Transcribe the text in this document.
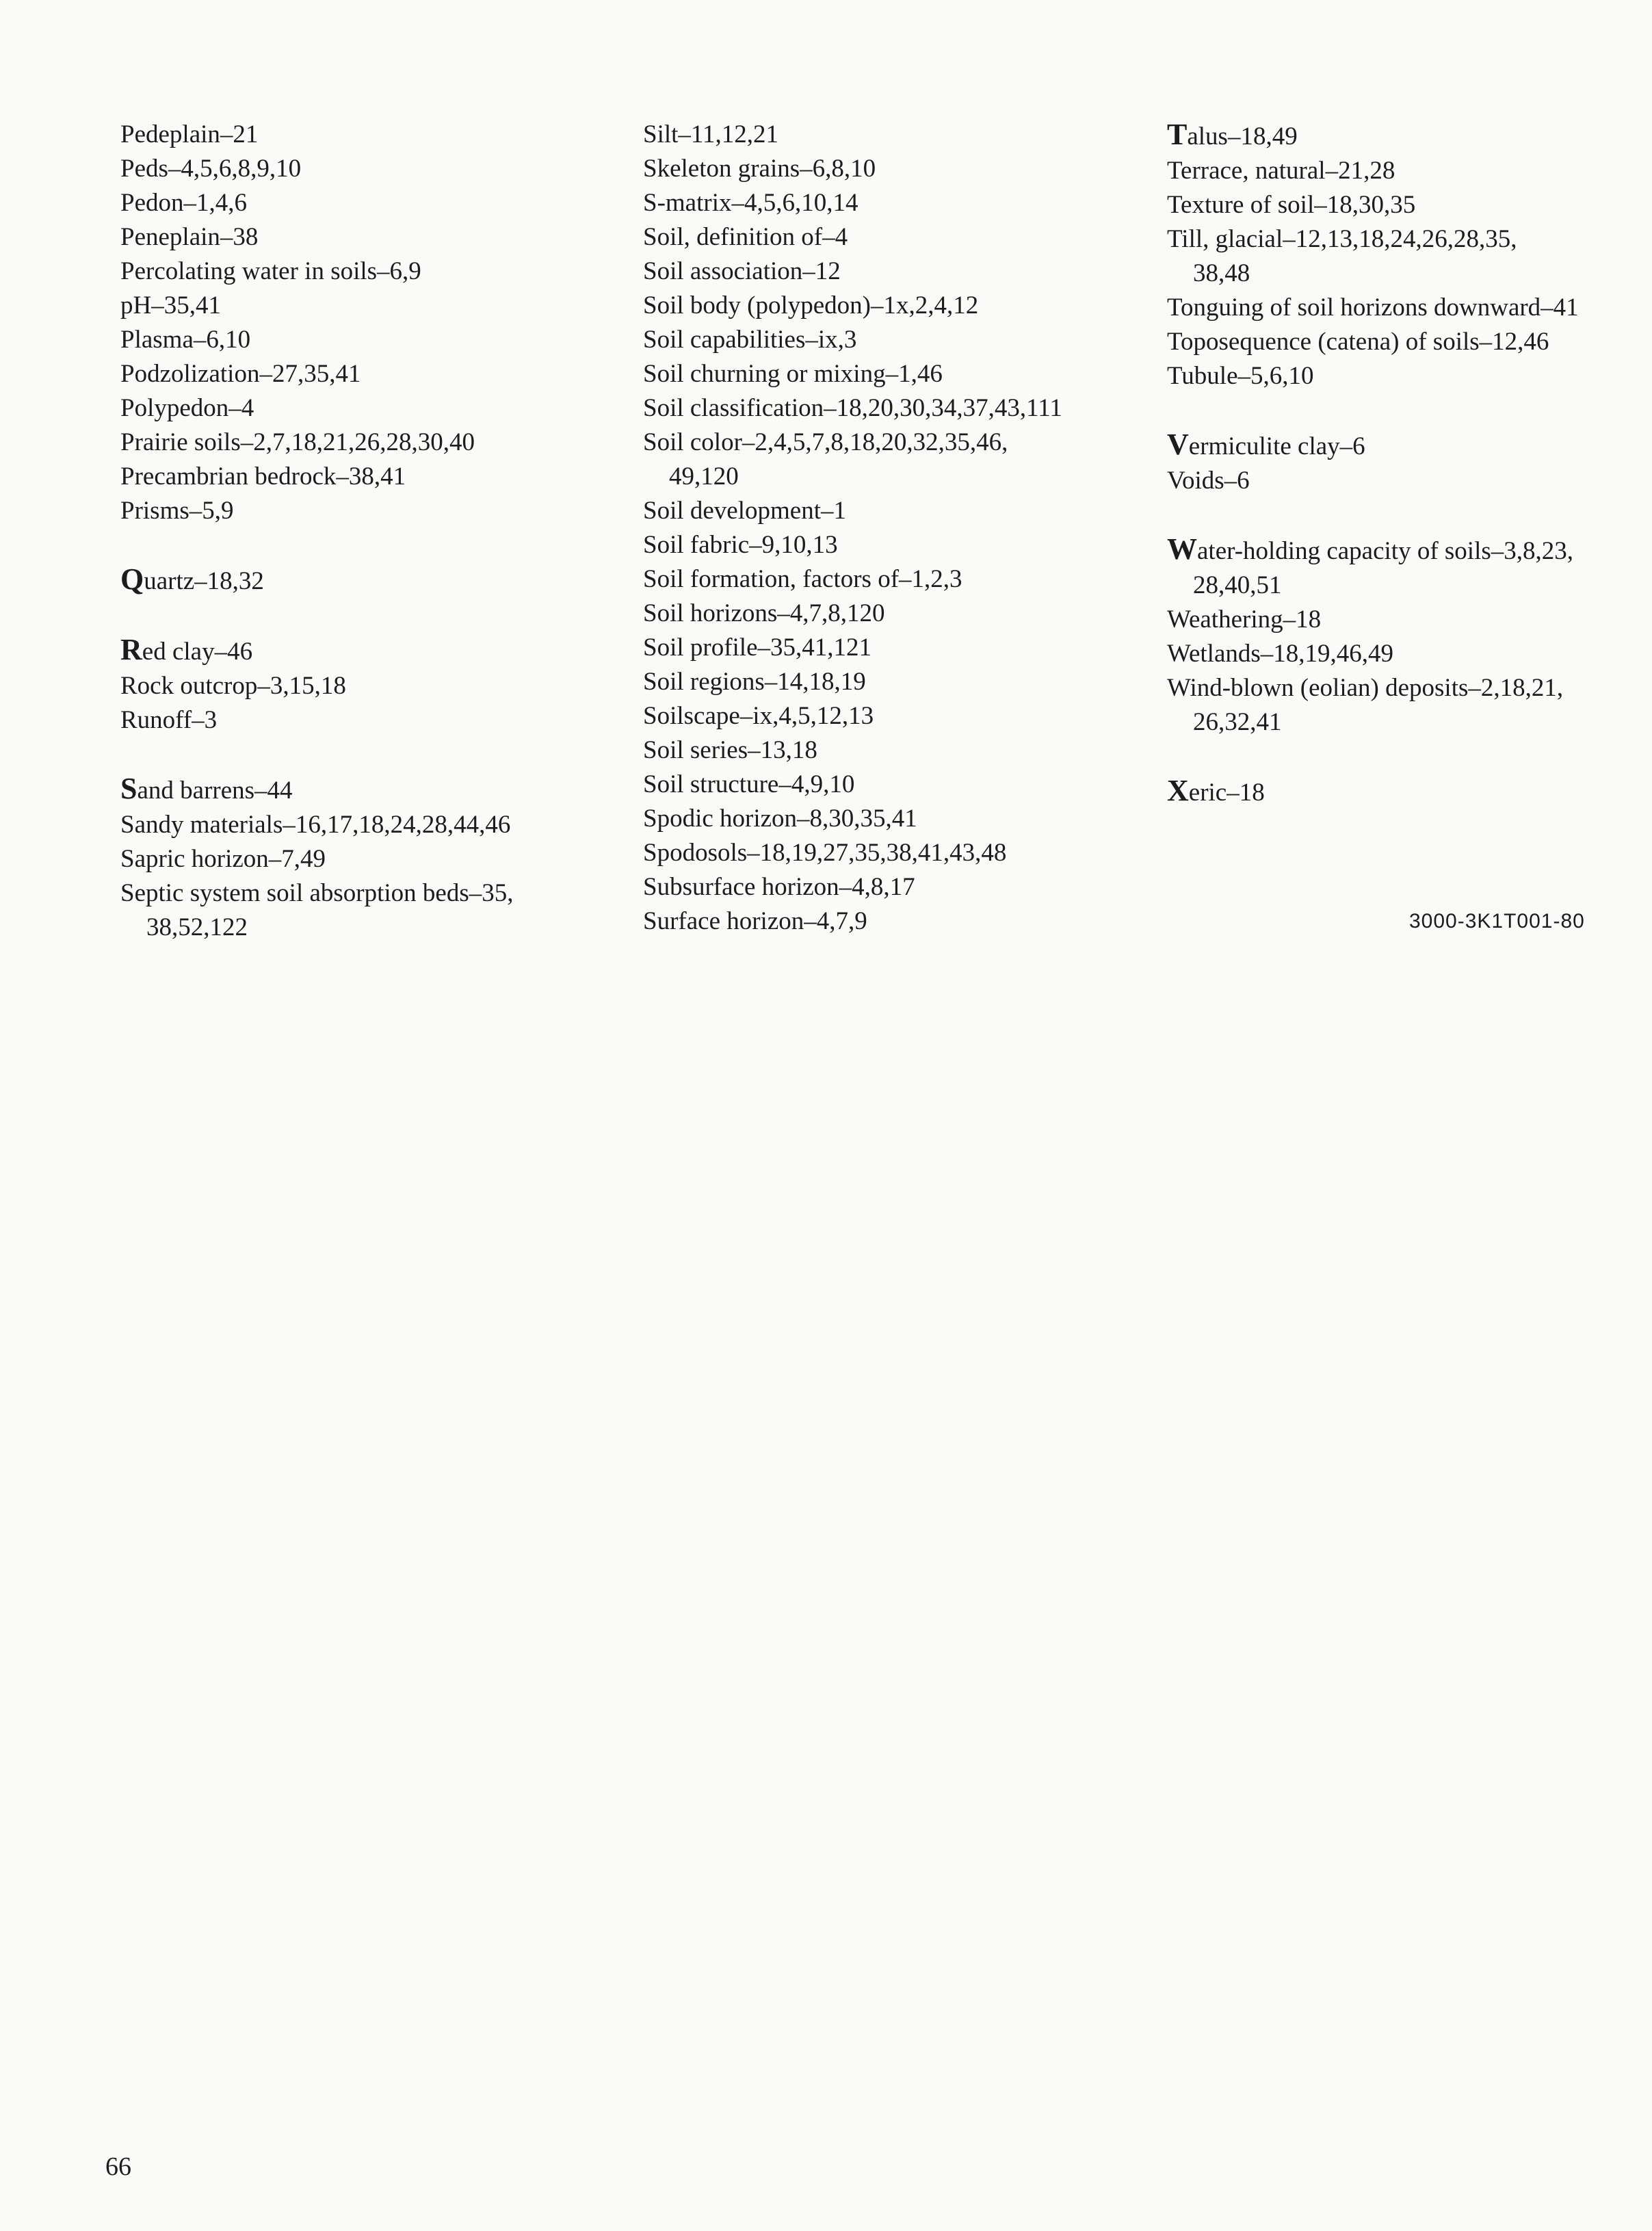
Pedeplain–21
Peds–4,5,6,8,9,10
Pedon–1,4,6
Peneplain–38
Percolating water in soils–6,9
pH–35,41
Plasma–6,10
Podzolization–27,35,41
Polypedon–4
Prairie soils–2,7,18,21,26,28,30,40
Precambrian bedrock–38,41
Prisms–5,9
Quartz–18,32
Red clay–46
Rock outcrop–3,15,18
Runoff–3
Sand barrens–44
Sandy materials–16,17,18,24,28,44,46
Sapric horizon–7,49
Septic system soil absorption beds–35,
38,52,122
Silt–11,12,21
Skeleton grains–6,8,10
S-matrix–4,5,6,10,14
Soil, definition of–4
Soil association–12
Soil body (polypedon)–1x,2,4,12
Soil capabilities–ix,3
Soil churning or mixing–1,46
Soil classification–18,20,30,34,37,43,111
Soil color–2,4,5,7,8,18,20,32,35,46,
49,120
Soil development–1
Soil fabric–9,10,13
Soil formation, factors of–1,2,3
Soil horizons–4,7,8,120
Soil profile–35,41,121
Soil regions–14,18,19
Soilscape–ix,4,5,12,13
Soil series–13,18
Soil structure–4,9,10
Spodic horizon–8,30,35,41
Spodosols–18,19,27,35,38,41,43,48
Subsurface horizon–4,8,17
Surface horizon–4,7,9
Talus–18,49
Terrace, natural–21,28
Texture of soil–18,30,35
Till, glacial–12,13,18,24,26,28,35,
38,48
Tonguing of soil horizons downward–41
Toposequence (catena) of soils–12,46
Tubule–5,6,10
Vermiculite clay–6
Voids–6
Water-holding capacity of soils–3,8,23,
28,40,51
Weathering–18
Wetlands–18,19,46,49
Wind-blown (eolian) deposits–2,18,21,
26,32,41
Xeric–18
3000-3K1T001-80
66
